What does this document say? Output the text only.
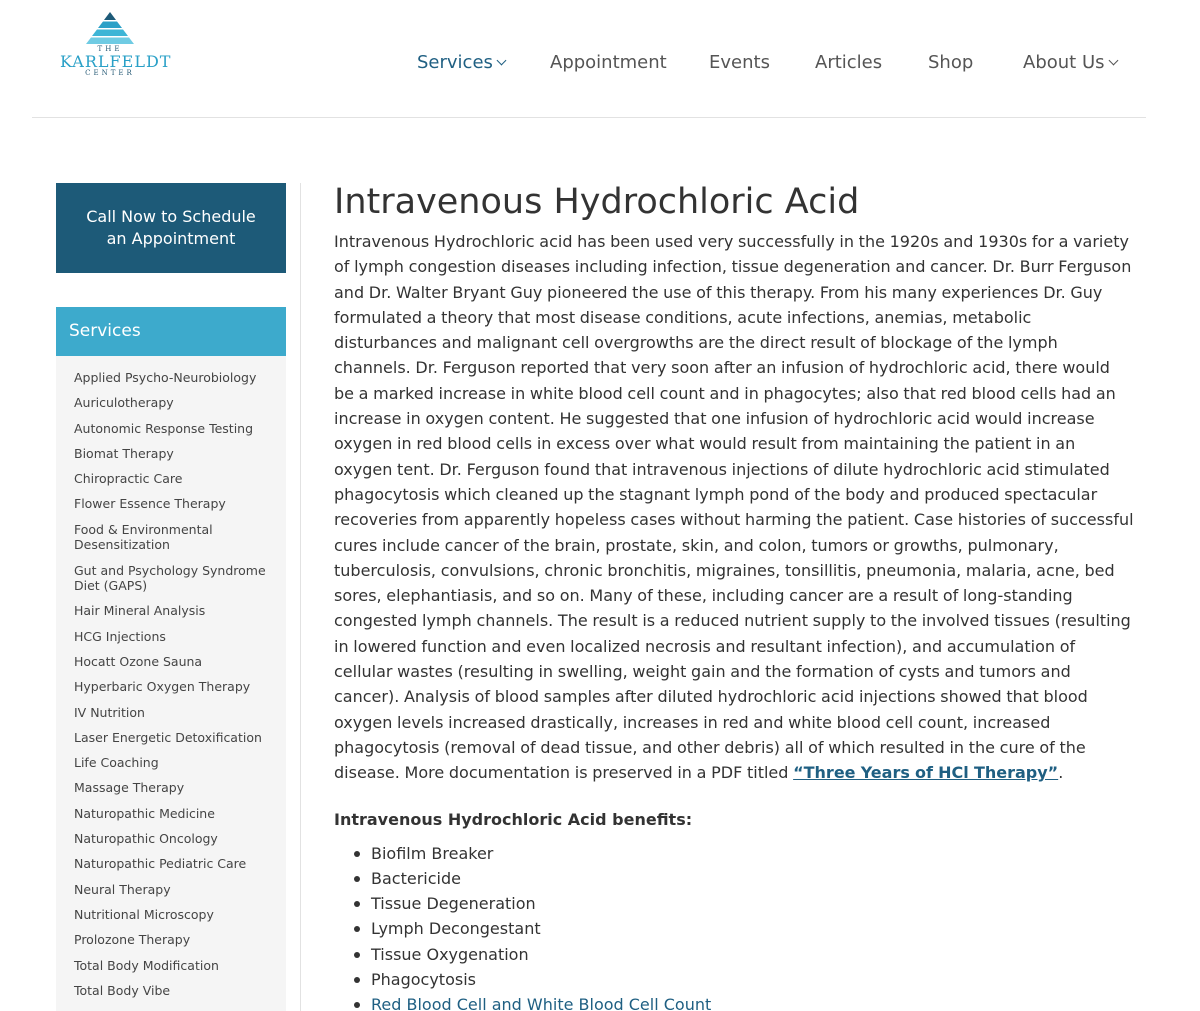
THE
KARLFELDT
CENTER	Services	Appointment Events	Articles	Shop	About Us
Call Now to Schedule an Appointment
Services
Applied Psycho-Neurobiology
Auriculotherapy
Autonomic Response Testing
Biomat Therapy
Chiropractic Care
Flower Essence Therapy
Food & Environmental Desensitization
Gut and Psychology Syndrome Diet (GAPS)
Hair Mineral Analysis
HCG Injections
Hocatt Ozone Sauna
Hyperbaric Oxygen Therapy
IV Nutrition
Laser Energetic Detoxification
Life Coaching
Massage Therapy
Naturopathic Medicine
Naturopathic Oncology
Naturopathic Pediatric Care
Neural Therapy
Nutritional Microscopy
Prolozone Therapy
Total Body Modification
Total Body Vibe
Intravenous Hydrochloric Acid

Intravenous Hydrochloric acid has been used very successfully in the 1920s and 1930s for a variety of lymph congestion diseases including infection, tissue degeneration and cancer. Dr. Burr Ferguson and Dr. Walter Bryant Guy pioneered the use of this therapy. From his many experiences Dr. Guy formulated a theory that most disease conditions, acute infections, anemias, metabolic disturbances and malignant cell overgrowths are the direct result of blockage of the lymph channels. Dr. Ferguson reported that very soon after an infusion of hydrochloric acid, there would be a marked increase in white blood cell count and in phagocytes; also that red blood cells had an increase in oxygen content. He suggested that one infusion of hydrochloric acid would increase oxygen in red blood cells in excess over what would result from maintaining the patient in an oxygen tent. Dr. Ferguson found that intravenous injections of dilute hydrochloric acid stimulated phagocytosis which cleaned up the stagnant lymph pond of the body and produced spectacular recoveries from apparently hopeless cases without harming the patient. Case histories of successful cures include cancer of the brain, prostate, skin, and colon, tumors or growths, pulmonary, tuberculosis, convulsions, chronic bronchitis, migraines, tonsillitis, pneumonia, malaria, acne, bed sores, elephantiasis, and so on. Many of these, including cancer are a result of long-standing congested lymph channels. The result is a reduced nutrient supply to the involved tissues (resulting in lowered function and even localized necrosis and resultant infection), and accumulation of cellular wastes (resulting in swelling, weight gain and the formation of cysts and tumors and cancer). Analysis of blood samples after diluted hydrochloric acid injections showed that blood oxygen levels increased drastically, increases in red and white blood cell count, increased phagocytosis (removal of dead tissue, and other debris) all of which resulted in the cure of the disease. More documentation is preserved in a PDF titled “Three Years of HCl Therapy”.

Intravenous Hydrochloric Acid benefits:
Biofilm Breaker
Bactericide
Tissue Degeneration
Lymph Decongestant
Tissue Oxygenation
Phagocytosis
Red Blood Cell and White Blood Cell Count
